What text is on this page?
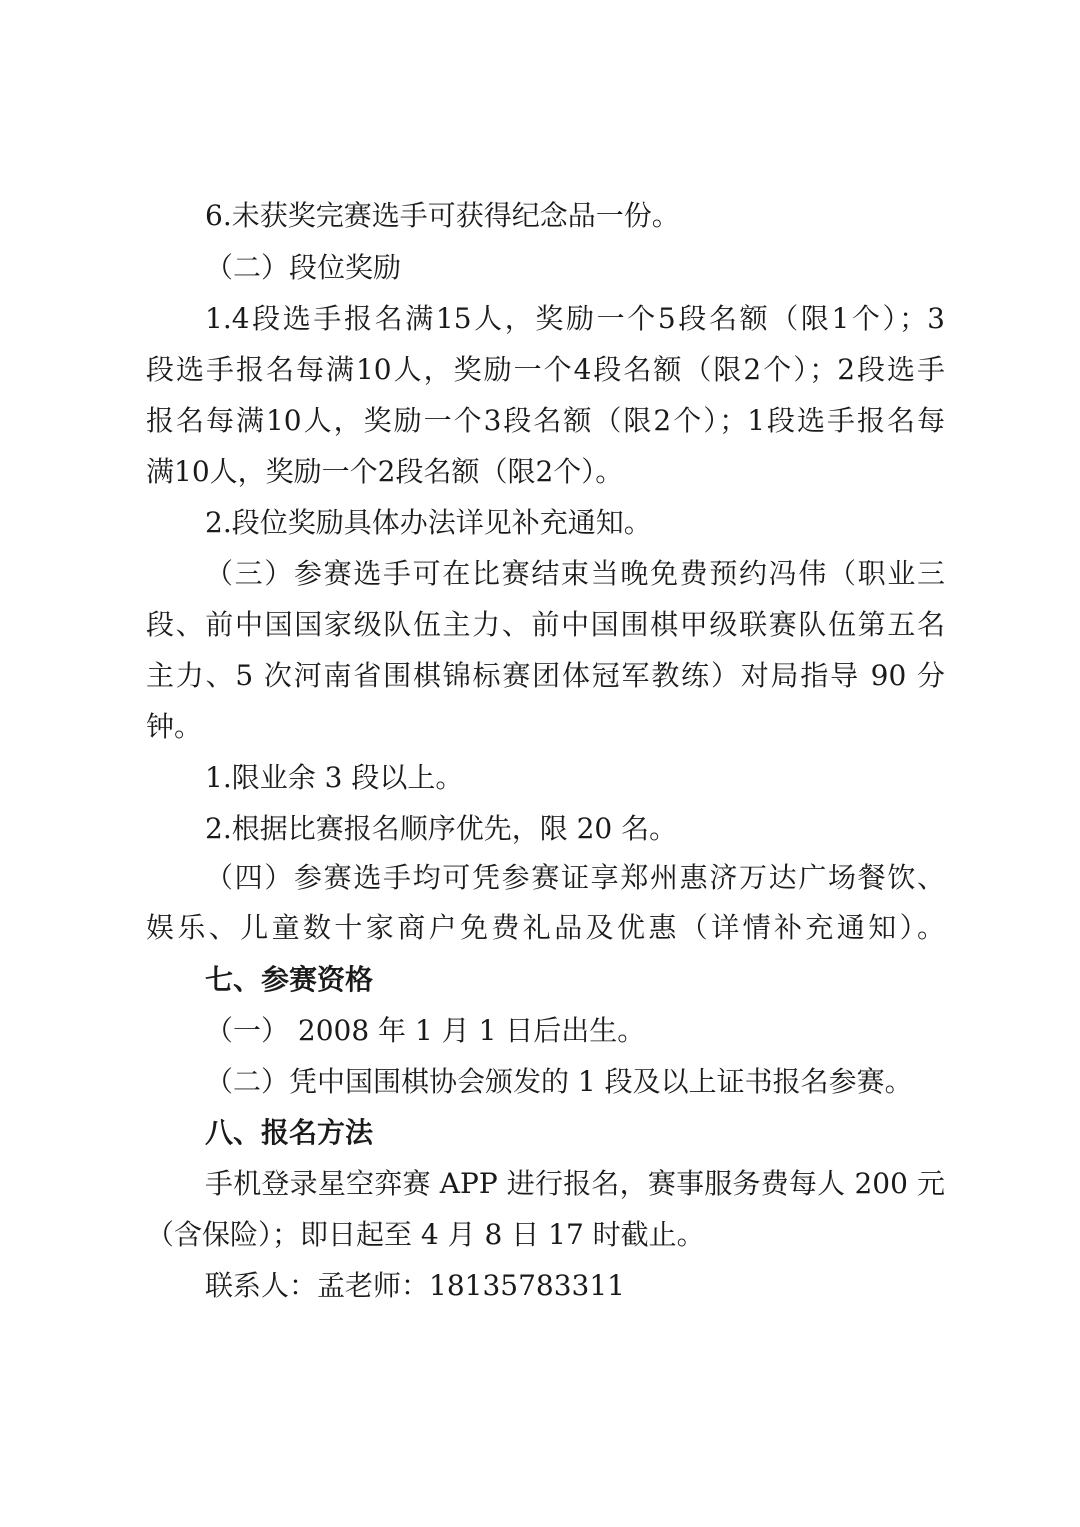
6.未获奖完赛选手可获得纪念品一份。
（二）段位奖励
1.4段选手报名满15人，奖励一个5段名额（限1个）；3
段选手报名每满10人，奖励一个4段名额（限2个）；2段选手
报名每满10人，奖励一个3段名额（限2个）；1段选手报名每
满10人，奖励一个2段名额（限2个）。
2.段位奖励具体办法详见补充通知。
（三）参赛选手可在比赛结束当晚免费预约冯伟（职业三
段、前中国国家级队伍主力、前中国围棋甲级联赛队伍第五名
主力、5 次河南省围棋锦标赛团体冠军教练）对局指导 90 分
钟。
1.限业余 3 段以上。
2.根据比赛报名顺序优先，限 20 名。
（四）参赛选手均可凭参赛证享郑州惠济万达广场餐饮、
娱乐、儿童数十家商户免费礼品及优惠（详情补充通知）。
七、参赛资格
（一） 2008 年 1 月 1 日后出生。
（二）凭中国围棋协会颁发的 1 段及以上证书报名参赛。
八、报名方法
手机登录星空弈赛 APP 进行报名，赛事服务费每人 200 元
（含保险）；即日起至 4 月 8 日 17 时截止。
联系人：孟老师：18135783311
